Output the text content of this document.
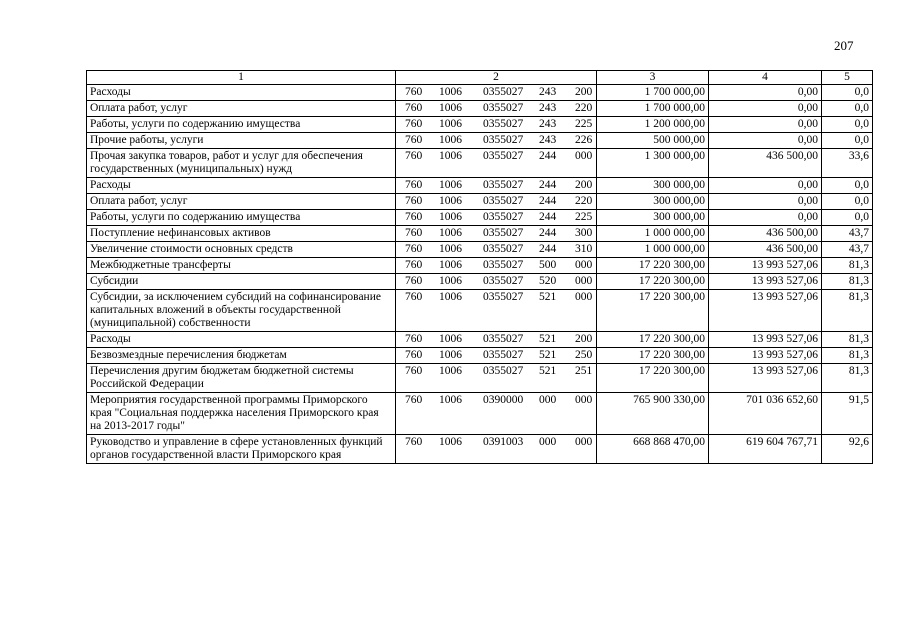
207
1	2	3	4	5
Расходы	760 1006 0355027 243 200	1 700 000,00	0,00	0,0
Оплата работ, услуг	760 1006 0355027 243 220	1 700 000,00	0,00	0,0
Работы, услуги по содержанию имущества	760 1006 0355027 243 225	1 200 000,00	0,00	0,0
Прочие работы, услуги	760 1006 0355027 243 226	500 000,00	0,00	0,0
Прочая закупка товаров, работ и услуг для обеспечения государственных (муниципальных) нужд	760 1006 0355027 244 000	1 300 000,00	436 500,00	33,6
Расходы	760 1006 0355027 244 200	300 000,00	0,00	0,0
Оплата работ, услуг	760 1006 0355027 244 220	300 000,00	0,00	0,0
Работы, услуги по содержанию имущества	760 1006 0355027 244 225	300 000,00	0,00	0,0
Поступление нефинансовых активов	760 1006 0355027 244 300	1 000 000,00	436 500,00	43,7
Увеличение стоимости основных средств	760 1006 0355027 244 310	1 000 000,00	436 500,00	43,7
Межбюджетные трансферты	760 1006 0355027 500 000	17 220 300,00	13 993 527,06	81,3
Субсидии	760 1006 0355027 520 000	17 220 300,00	13 993 527,06	81,3
Субсидии, за исключением субсидий на софинансирование капитальных вложений в объекты государственной (муниципальной) собственности	760 1006 0355027 521 000	17 220 300,00	13 993 527,06	81,3
Расходы	760 1006 0355027 521 200	17 220 300,00	13 993 527,06	81,3
Безвозмездные перечисления бюджетам	760 1006 0355027 521 250	17 220 300,00	13 993 527,06	81,3
Перечисления другим бюджетам бюджетной системы Российской Федерации	760 1006 0355027 521 251	17 220 300,00	13 993 527,06	81,3
Мероприятия государственной программы Приморского края "Социальная поддержка населения Приморского края на 2013-2017 годы"	760 1006 0390000 000 000	765 900 330,00	701 036 652,60	91,5
Руководство и управление в сфере установленных функций органов государственной власти Приморского края	760 1006 0391003 000 000	668 868 470,00	619 604 767,71	92,6
